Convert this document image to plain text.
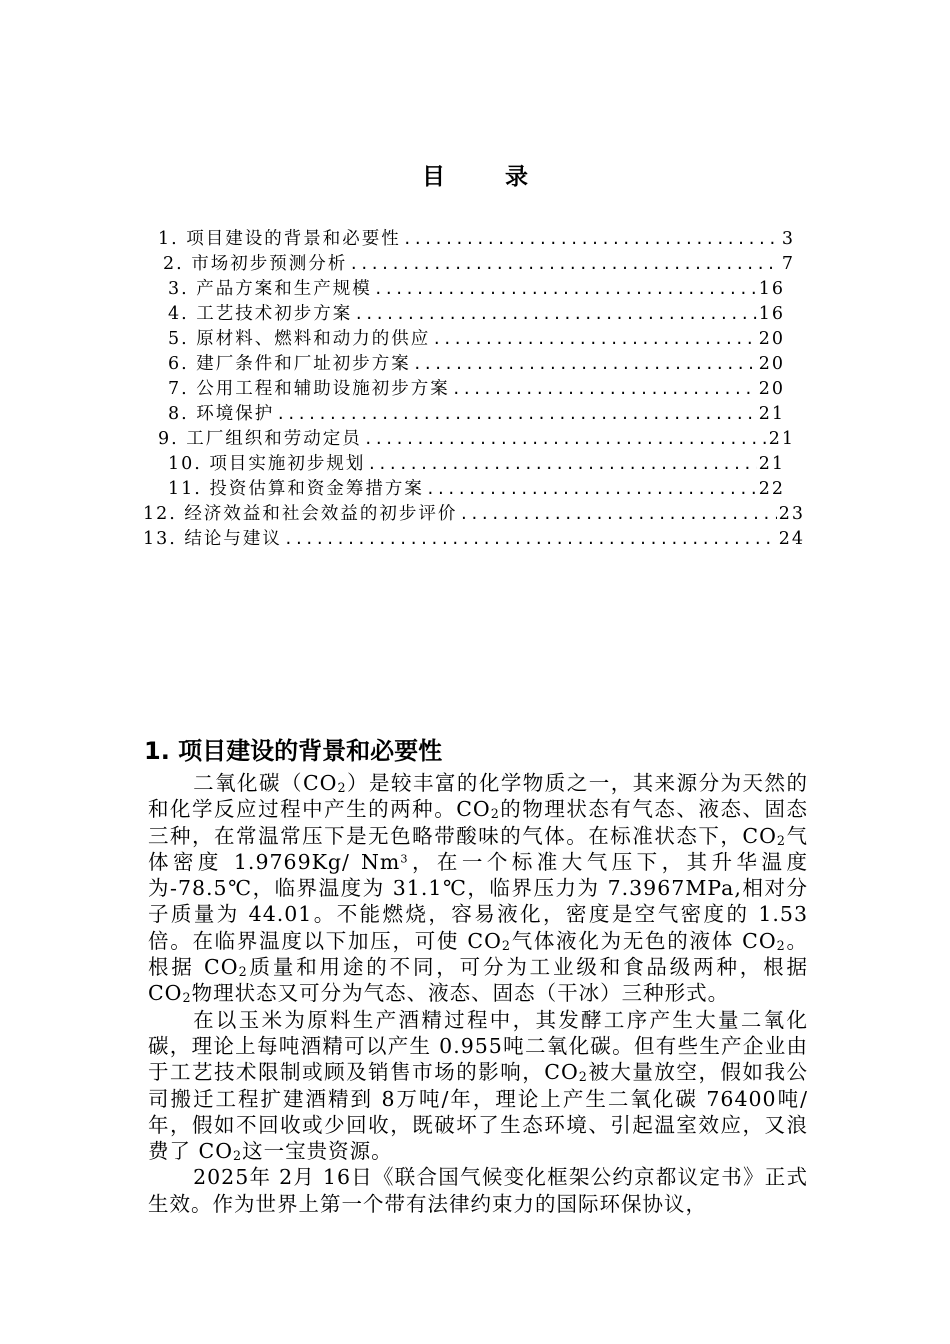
目 录
1. 项目建设的背景和必要性 .....	3
2. 市场初步预测分析 .....	7
3. 产品方案和生产规模 .....	16
4. 工艺技术初步方案 .....	16
5. 原材料、燃料和动力的供应 .....	20
6. 建厂条件和厂址初步方案 .....	20
7. 公用工程和辅助设施初步方案 .....	20
8. 环境保护 .....	21
9. 工厂组织和劳动定员 .....	21
10. 项目实施初步规划 .....	21
11. 投资估算和资金筹措方案 .....	22
12. 经济效益和社会效益的初步评价 .....	23
13. 结论与建议 .....	24
1. 项目建设的背景和必要性

二氧化碳$(CO_2)$是较丰富的化学物质之一，其来源分为天然的和化学反应过程中产生的两种。$CO_2$的物理状态有气态、液态、固态三种，在常温常压下是无色略带酸味的气体。在标准状态下，$CO_2$气体密度 1.9769Kg/ Nm$^3$，在一个标准大气压下，其升华温度为-78.5℃，临界温度为 31.1℃，临界压力为 7.3967MPa,相对分子质量为 44.01。不能燃烧，容易液化，密度是空气密度的 1.53倍。在临界温度以下加压，可使 $CO_2$气体液化为无色的液体 $CO_2$。根据 $CO_2$质量和用途的不同，可分为工业级和食品级两种，根据 $CO_2$物理状态又可分为气态、液态、固态（干冰）三种形式。

在以玉米为原料生产酒精过程中，其发酵工序产生大量二氧化碳，理论上每吨酒精可以产生 0.955吨二氧化碳。但有些生产企业由于工艺技术限制或顾及销售市场的影响，$CO_2$被大量放空，假如我公司搬迁工程扩建酒精到 8万吨/年，理论上产生二氧化碳 76400吨/年，假如不回收或少回收，既破坏了生态环境、引起温室效应，又浪费了 $CO_2$这一宝贵资源。

2025年 2月 16日《联合国气候变化框架公约京都议定书》正式生效。作为世界上第一个带有法律约束力的国际环保协议，
